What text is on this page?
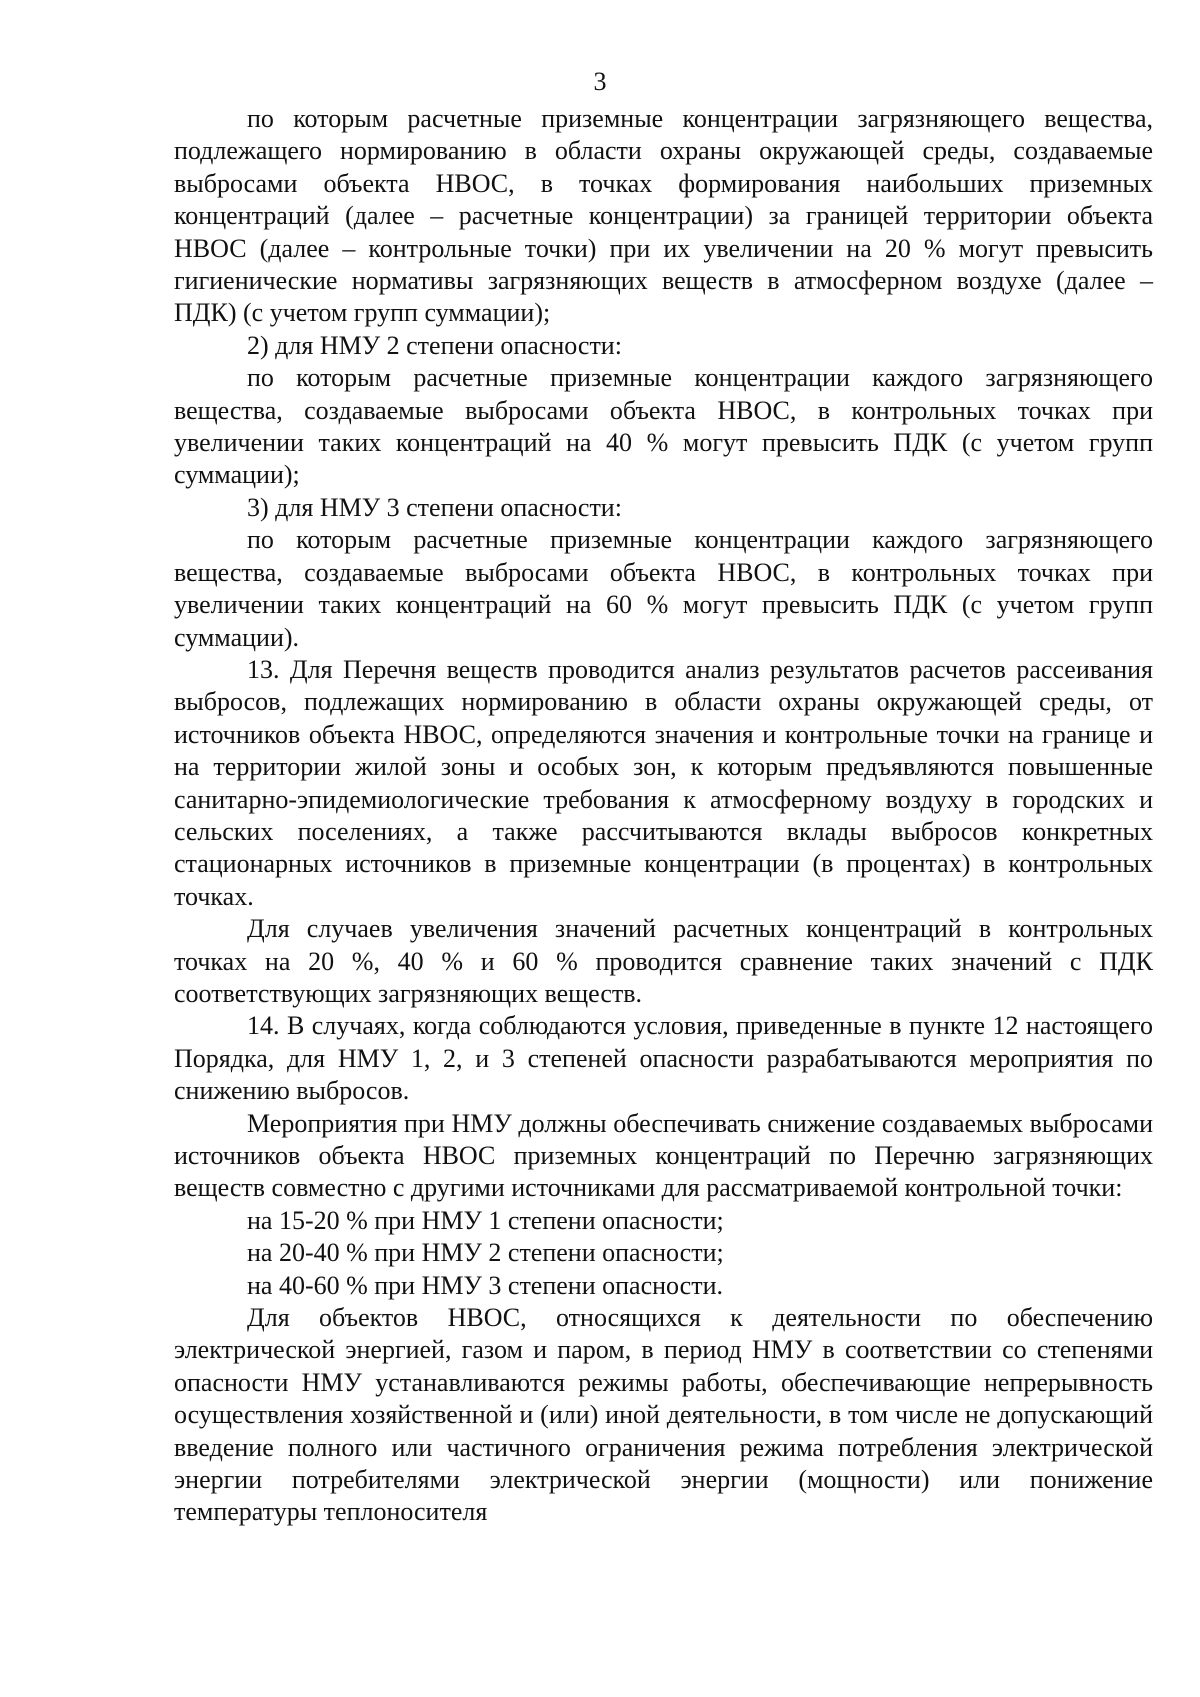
3

по которым расчетные приземные концентрации загрязняющего вещества, подлежащего нормированию в области охраны окружающей среды, создаваемые выбросами объекта НВОС, в точках формирования наибольших приземных концентраций (далее – расчетные концентрации) за границей территории объекта НВОС (далее – контрольные точки) при их увеличении на 20 % могут превысить гигиенические нормативы загрязняющих веществ в атмосферном воздухе (далее – ПДК) (с учетом групп суммации);

2) для НМУ 2 степени опасности:

по которым расчетные приземные концентрации каждого загрязняющего вещества, создаваемые выбросами объекта НВОС, в контрольных точках при увеличении таких концентраций на 40 % могут превысить ПДК (с учетом групп суммации);

3) для НМУ 3 степени опасности:

по которым расчетные приземные концентрации каждого загрязняющего вещества, создаваемые выбросами объекта НВОС, в контрольных точках при увеличении таких концентраций на 60 % могут превысить ПДК (с учетом групп суммации).

13. Для Перечня веществ проводится анализ результатов расчетов рассеивания выбросов, подлежащих нормированию в области охраны окружающей среды, от источников объекта НВОС, определяются значения и контрольные точки на границе и на территории жилой зоны и особых зон, к которым предъявляются повышенные санитарно-эпидемиологические требования к атмосферному воздуху в городских и сельских поселениях, а также рассчитываются вклады выбросов конкретных стационарных источников в приземные концентрации (в процентах) в контрольных точках.

Для случаев увеличения значений расчетных концентраций в контрольных точках на 20 %, 40 % и 60 % проводится сравнение таких значений с ПДК соответствующих загрязняющих веществ.

14. В случаях, когда соблюдаются условия, приведенные в пункте 12 настоящего Порядка, для НМУ 1, 2, и 3 степеней опасности разрабатываются мероприятия по снижению выбросов.

Мероприятия при НМУ должны обеспечивать снижение создаваемых выбросами источников объекта НВОС приземных концентраций по Перечню загрязняющих веществ совместно с другими источниками для рассматриваемой контрольной точки:

на 15-20 % при НМУ 1 степени опасности;

на 20-40 % при НМУ 2 степени опасности;

на 40-60 % при НМУ 3 степени опасности.

Для объектов НВОС, относящихся к деятельности по обеспечению электрической энергией, газом и паром, в период НМУ в соответствии со степенями опасности НМУ устанавливаются режимы работы, обеспечивающие непрерывность осуществления хозяйственной и (или) иной деятельности, в том числе не допускающий введение полного или частичного ограничения режима потребления электрической энергии потребителями электрической энергии (мощности) или понижение температуры теплоносителя
